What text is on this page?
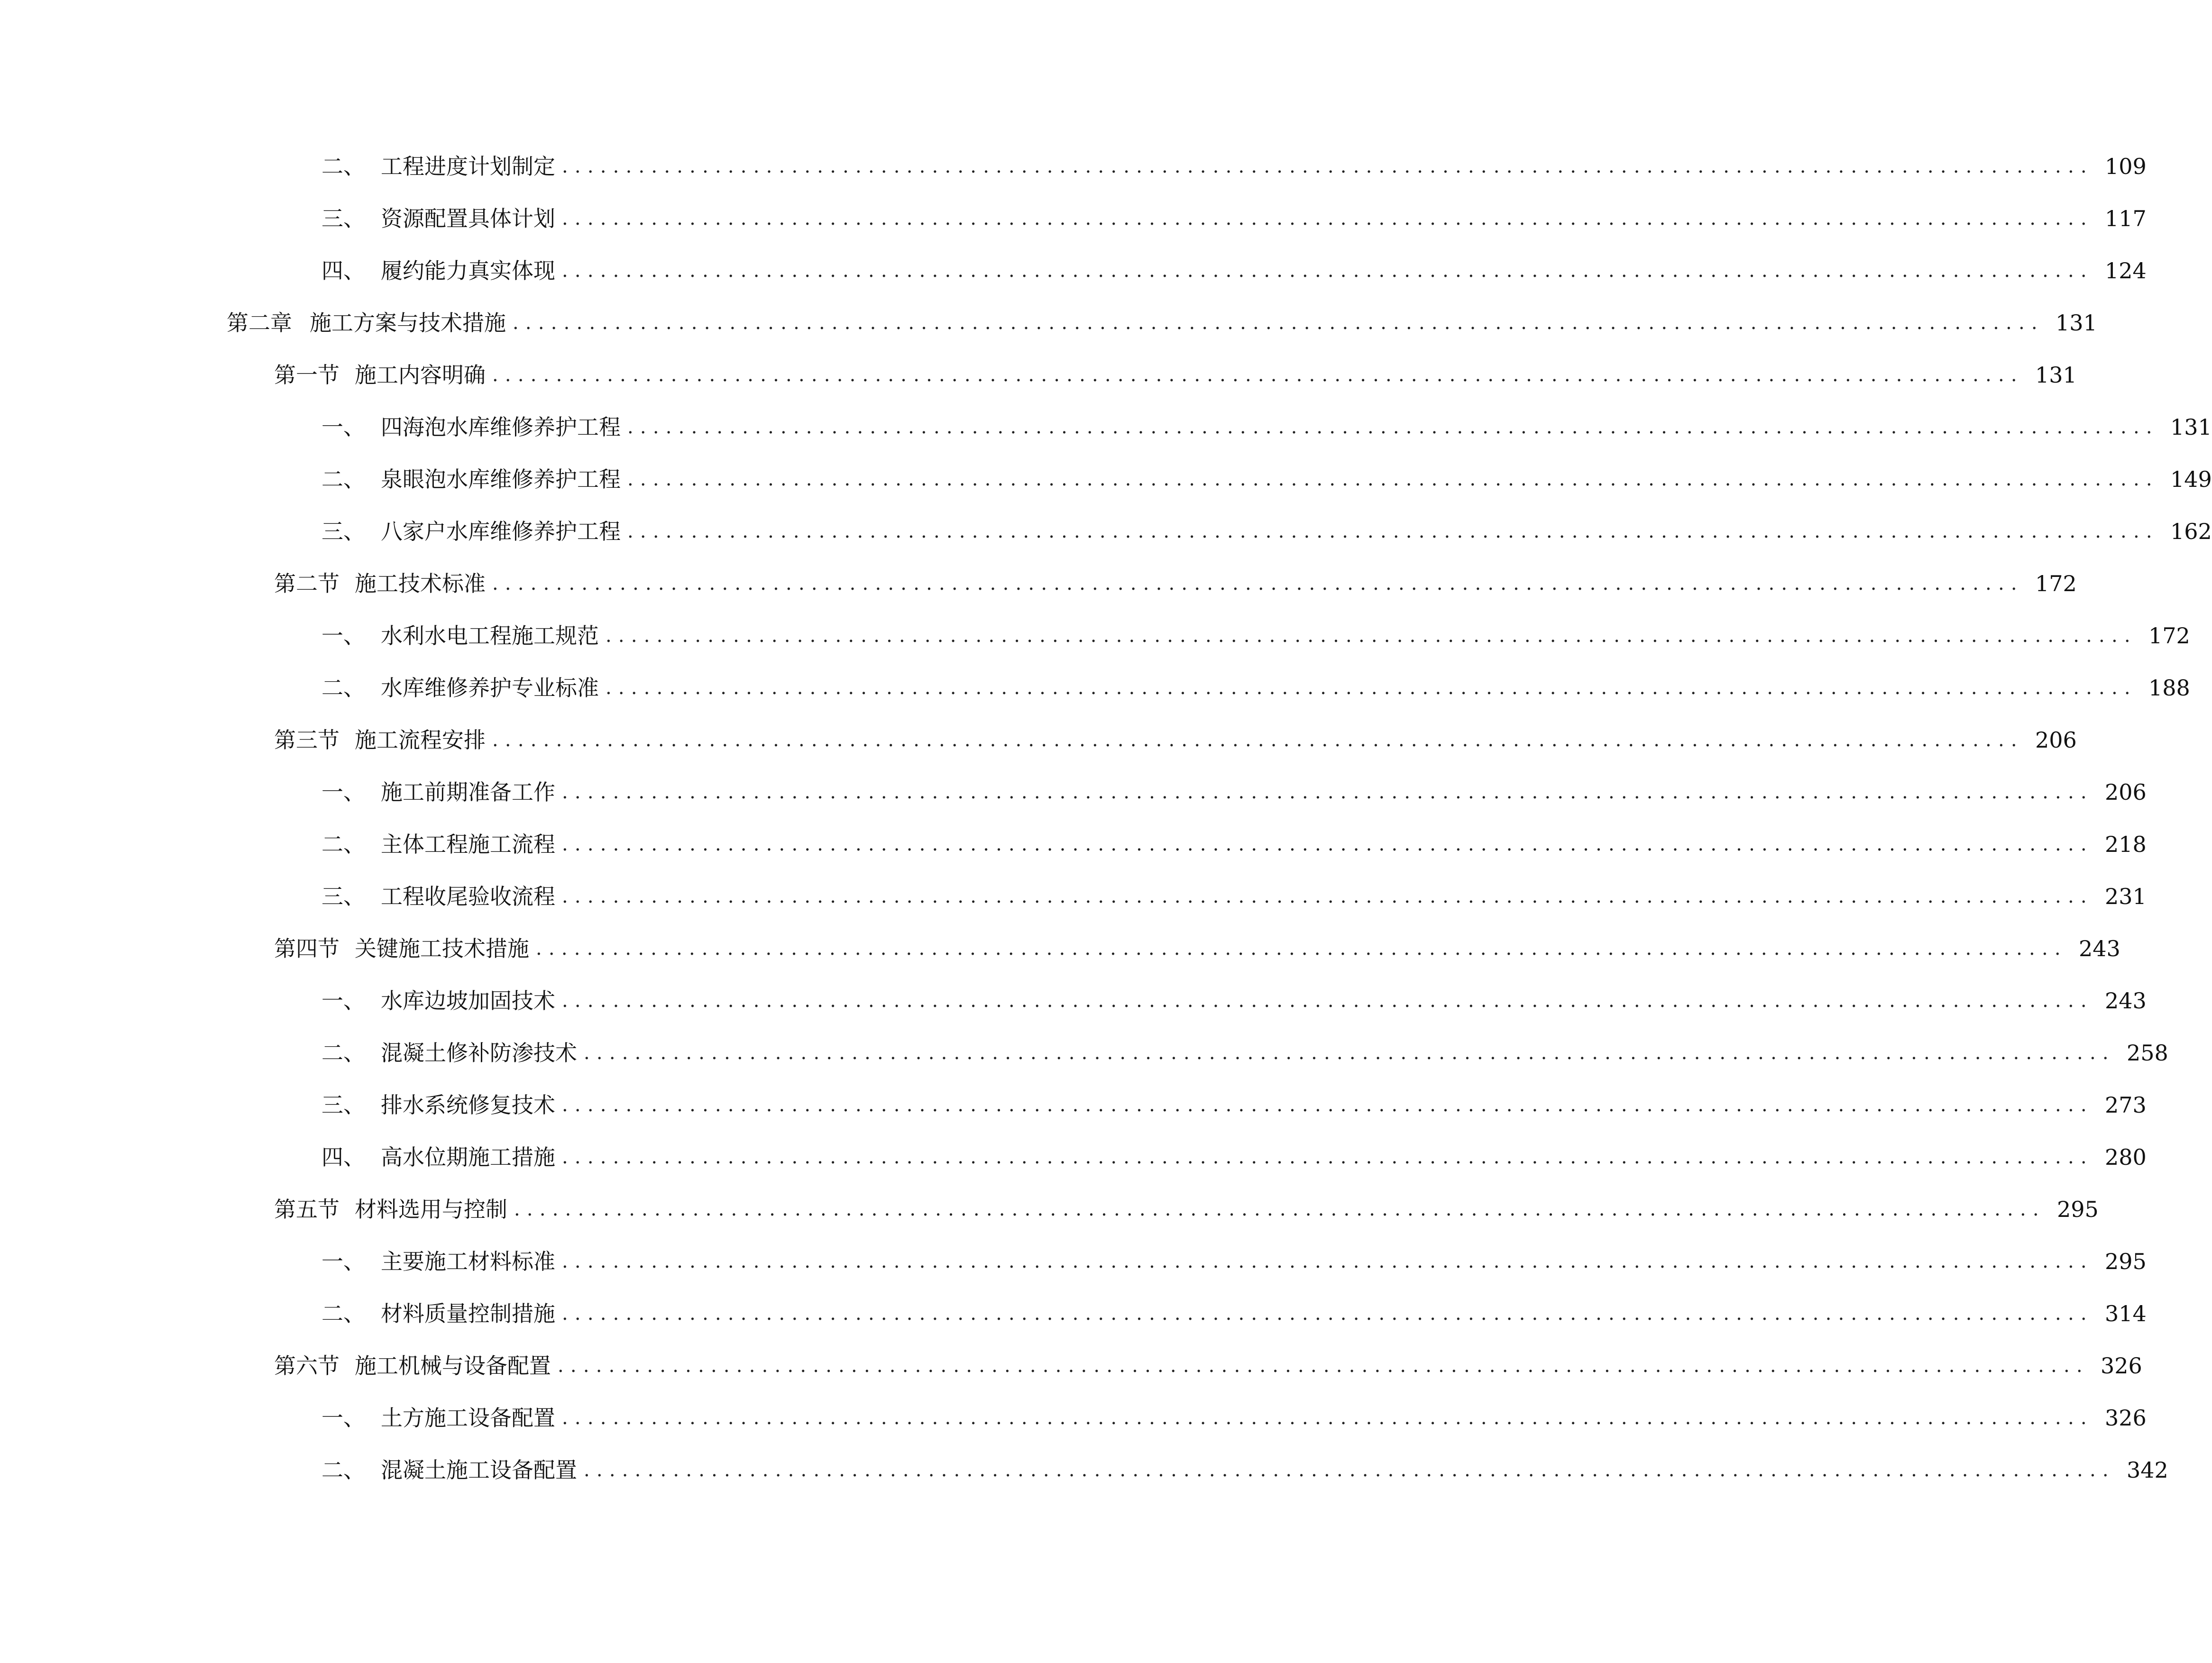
二、 工程进度计划制定 ........................................................................................................................ 109
三、 资源配置具体计划 ........................................................................................................................ 117
四、 履约能力真实体现 ........................................................................................................................ 124
第二章 施工方案与技术措施 ........................................................................................................................ 131
第一节 施工内容明确 ........................................................................................................................ 131
一、 四海泡水库维修养护工程 ........................................................................................................................ 131
二、 泉眼泡水库维修养护工程 ........................................................................................................................ 149
三、 八家户水库维修养护工程 ........................................................................................................................ 162
第二节 施工技术标准 ........................................................................................................................ 172
一、 水利水电工程施工规范 ........................................................................................................................ 172
二、 水库维修养护专业标准 ........................................................................................................................ 188
第三节 施工流程安排 ........................................................................................................................ 206
一、 施工前期准备工作 ........................................................................................................................ 206
二、 主体工程施工流程 ........................................................................................................................ 218
三、 工程收尾验收流程 ........................................................................................................................ 231
第四节 关键施工技术措施 ........................................................................................................................ 243
一、 水库边坡加固技术 ........................................................................................................................ 243
二、 混凝土修补防渗技术 ........................................................................................................................ 258
三、 排水系统修复技术 ........................................................................................................................ 273
四、 高水位期施工措施 ........................................................................................................................ 280
第五节 材料选用与控制 ........................................................................................................................ 295
一、 主要施工材料标准 ........................................................................................................................ 295
二、 材料质量控制措施 ........................................................................................................................ 314
第六节 施工机械与设备配置 ........................................................................................................................ 326
一、 土方施工设备配置 ........................................................................................................................ 326
二、 混凝土施工设备配置 ........................................................................................................................ 342
